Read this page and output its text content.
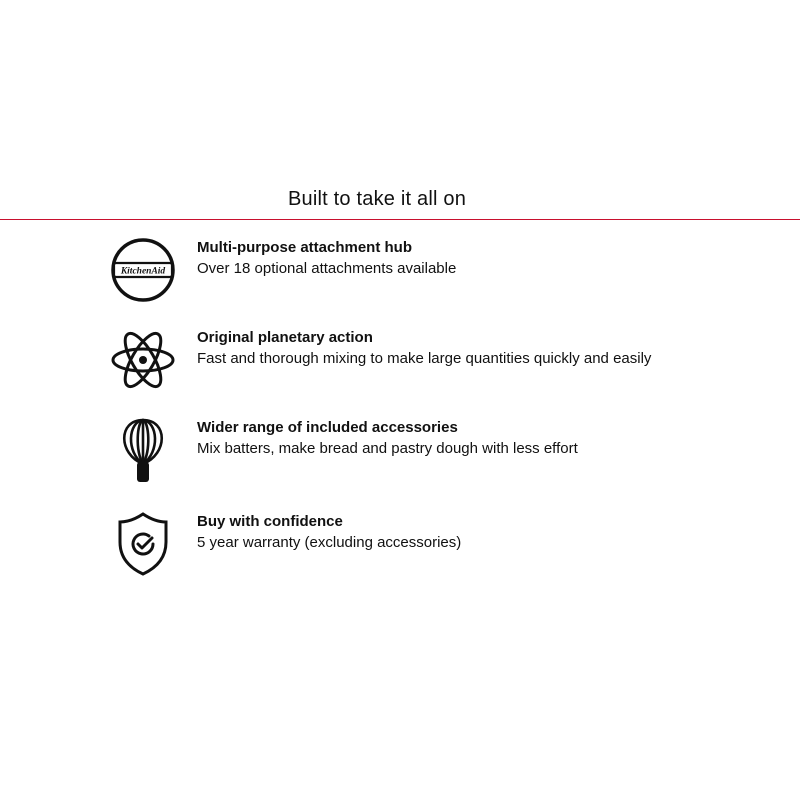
Built to take it all on
KitchenAid
Multi-purpose attachment hub
Over 18 optional attachments available
Original planetary action
Fast and thorough mixing to make large quantities quickly and easily
Wider range of included accessories
Mix batters, make bread and pastry dough with less effort
Buy with confidence
5 year warranty (excluding accessories)
